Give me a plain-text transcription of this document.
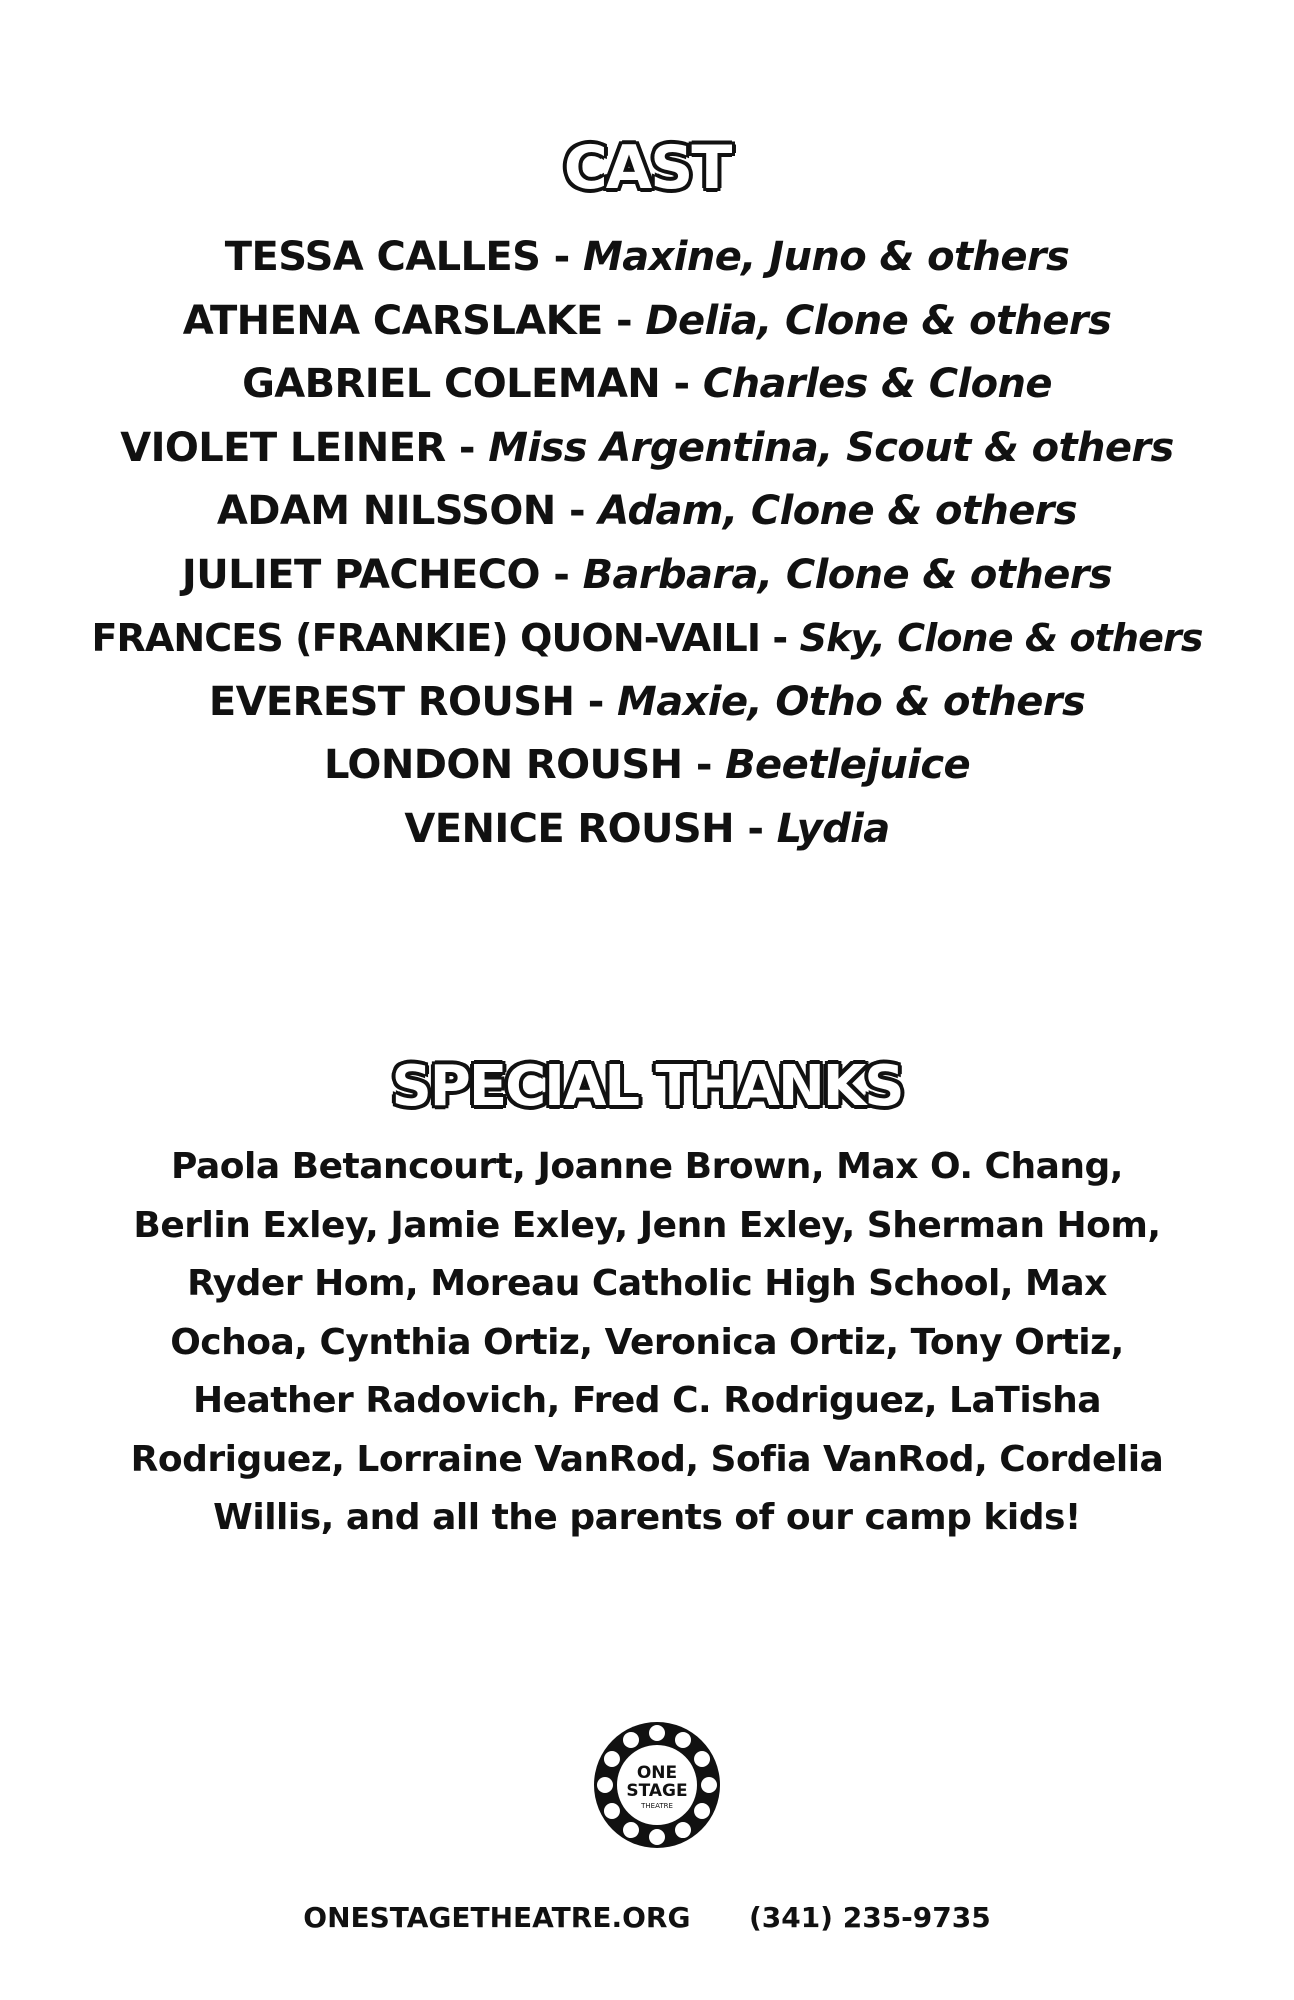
CAST
TESSA CALLES - Maxine, Juno & others
ATHENA CARSLAKE - Delia, Clone & others
GABRIEL COLEMAN - Charles & Clone
VIOLET LEINER - Miss Argentina, Scout & others
ADAM NILSSON - Adam, Clone & others
JULIET PACHECO - Barbara, Clone & others
FRANCES (FRANKIE) QUON-VAILI - Sky, Clone & others
EVEREST ROUSH - Maxie, Otho & others
LONDON ROUSH - Beetlejuice
VENICE ROUSH - Lydia
SPECIAL THANKS

Paola Betancourt, Joanne Brown, Max O. Chang,
Berlin Exley, Jamie Exley, Jenn Exley, Sherman Hom,
Ryder Hom, Moreau Catholic High School, Max
Ochoa, Cynthia Ortiz, Veronica Ortiz, Tony Ortiz,
Heather Radovich, Fred C. Rodriguez, LaTisha
Rodriguez, Lorraine VanRod, Sofia VanRod, Cordelia
Willis, and all the parents of our camp kids!

ONE
STAGE
THEATRE
ONESTAGETHEATRE.ORG (341) 235-9735
